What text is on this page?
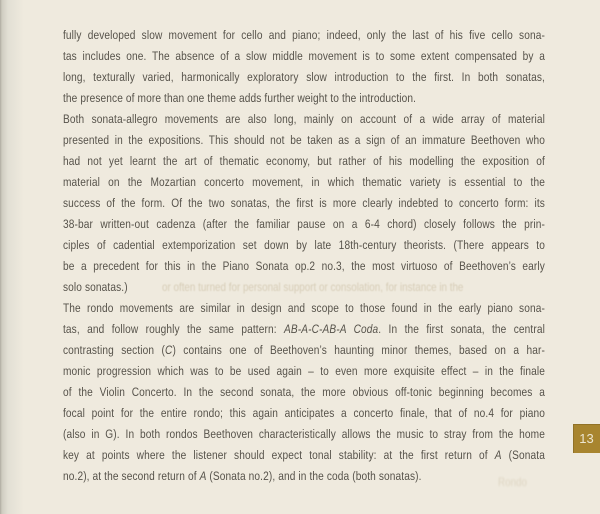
fully developed slow movement for cello and piano; indeed, only the last of his five cello sona-
tas includes one. The absence of a slow middle movement is to some extent compensated by a
long, texturally varied, harmonically exploratory slow introduction to the first. In both sonatas,
the presence of more than one theme adds further weight to the introduction.
Both sonata-allegro movements are also long, mainly on account of a wide array of material
presented in the expositions. This should not be taken as a sign of an immature Beethoven who
had not yet learnt the art of thematic economy, but rather of his modelling the exposition of
material on the Mozartian concerto movement, in which thematic variety is essential to the
success of the form. Of the two sonatas, the first is more clearly indebted to concerto form: its
38-bar written-out cadenza (after the familiar pause on a 6-4 chord) closely follows the prin-
ciples of cadential extemporization set down by late 18th-century theorists. (There appears to
be a precedent for this in the Piano Sonata op.2 no.3, the most virtuoso of Beethoven’s early
solo sonatas.)
The rondo movements are similar in design and scope to those found in the early piano sona-
tas, and follow roughly the same pattern: AB-A-C-AB-A Coda. In the first sonata, the central
contrasting section (C) contains one of Beethoven’s haunting minor themes, based on a har-
monic progression which was to be used again – to even more exquisite effect – in the finale
of the Violin Concerto. In the second sonata, the more obvious off-tonic beginning becomes a
focal point for the entire rondo; this again anticipates a concerto finale, that of no.4 for piano
(also in G). In both rondos Beethoven characteristically allows the music to stray from the home
key at points where the listener should expect tonal stability: at the first return of A (Sonata
no.2), at the second return of A (Sonata no.2), and in the coda (both sonatas).
or often turned for personal support or consolation, for instance in the
Rondo
13
